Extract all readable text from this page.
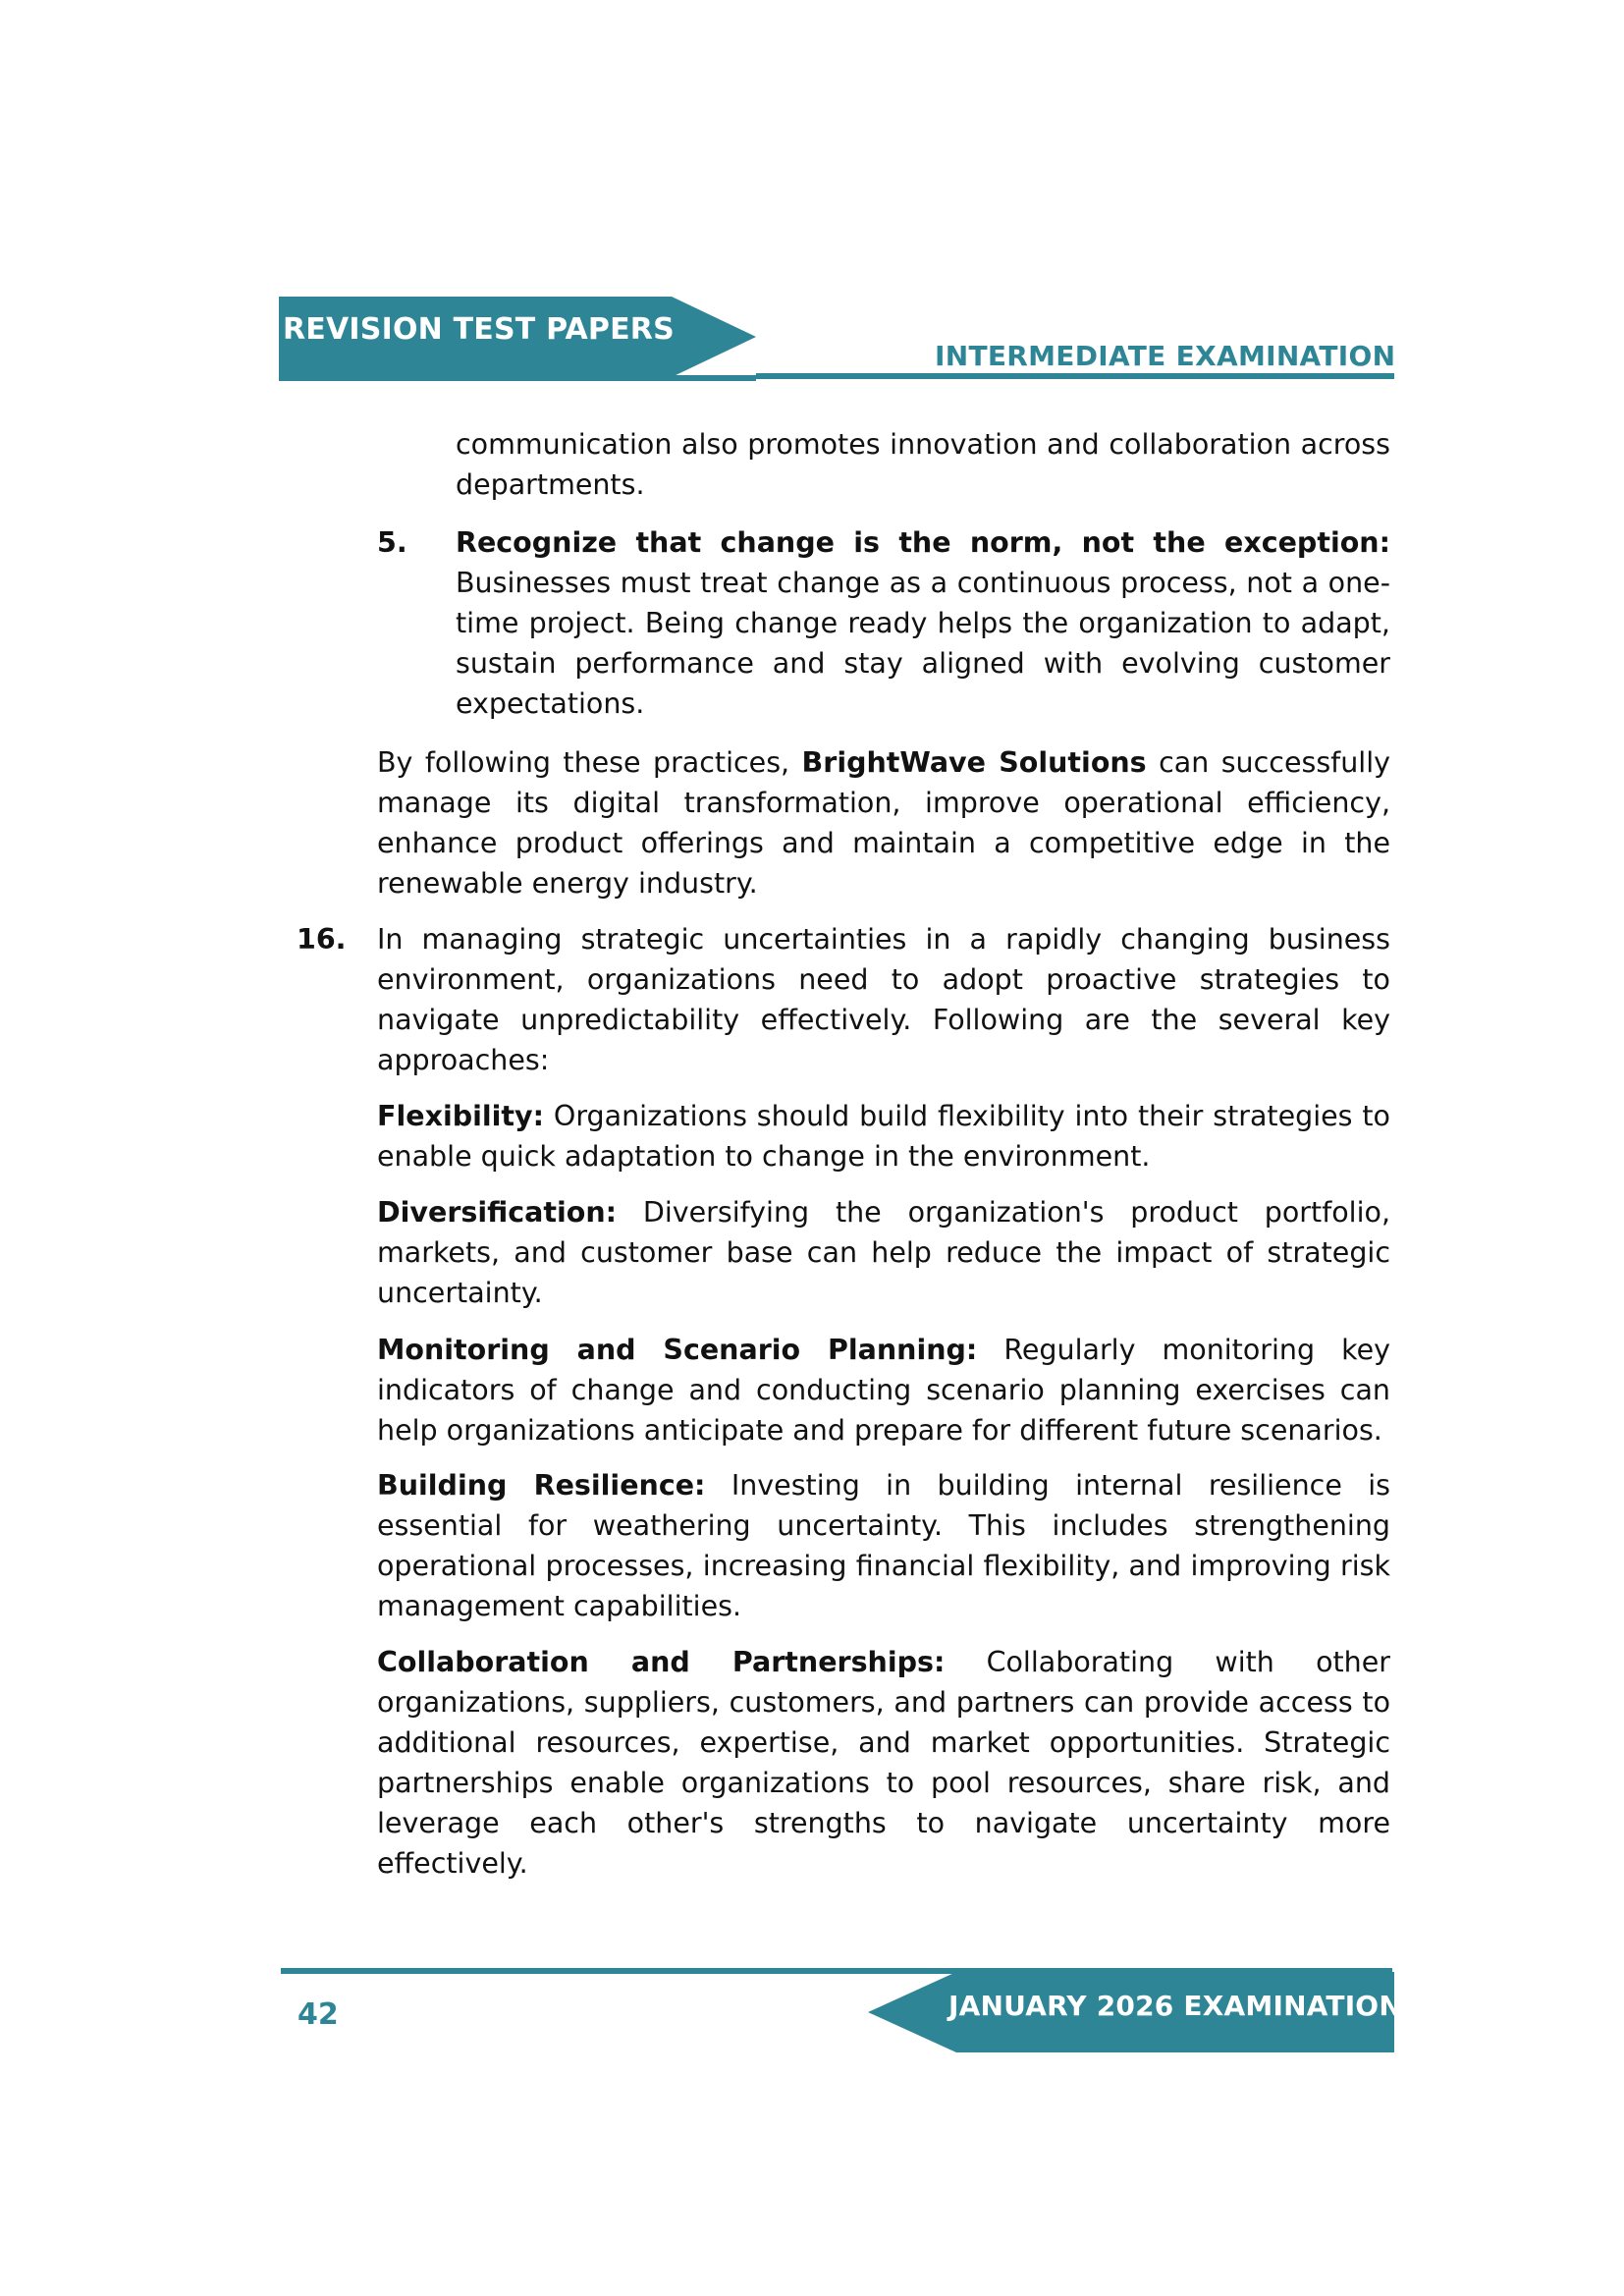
REVISION TEST PAPERS
INTERMEDIATE EXAMINATION

communication also promotes innovation and collaboration across departments.

5. Recognize that change is the norm, not the exception: Businesses must treat change as a continuous process, not a one-time project. Being change ready helps the organization to adapt, sustain performance and stay aligned with evolving customer expectations.

By following these practices, BrightWave Solutions can successfully manage its digital transformation, improve operational efficiency, enhance product offerings and maintain a competitive edge in the renewable energy industry.

16. In managing strategic uncertainties in a rapidly changing business environment, organizations need to adopt proactive strategies to navigate unpredictability effectively. Following are the several key approaches:

Flexibility: Organizations should build flexibility into their strategies to enable quick adaptation to change in the environment.

Diversification: Diversifying the organization's product portfolio, markets, and customer base can help reduce the impact of strategic uncertainty.

Monitoring and Scenario Planning: Regularly monitoring key indicators of change and conducting scenario planning exercises can help organizations anticipate and prepare for different future scenarios.

Building Resilience: Investing in building internal resilience is essential for weathering uncertainty. This includes strengthening operational processes, increasing financial flexibility, and improving risk management capabilities.

Collaboration and Partnerships: Collaborating with other organizations, suppliers, customers, and partners can provide access to additional resources, expertise, and market opportunities. Strategic partnerships enable organizations to pool resources, share risk, and leverage each other's strengths to navigate uncertainty more effectively.

JANUARY 2026 EXAMINATION
42
